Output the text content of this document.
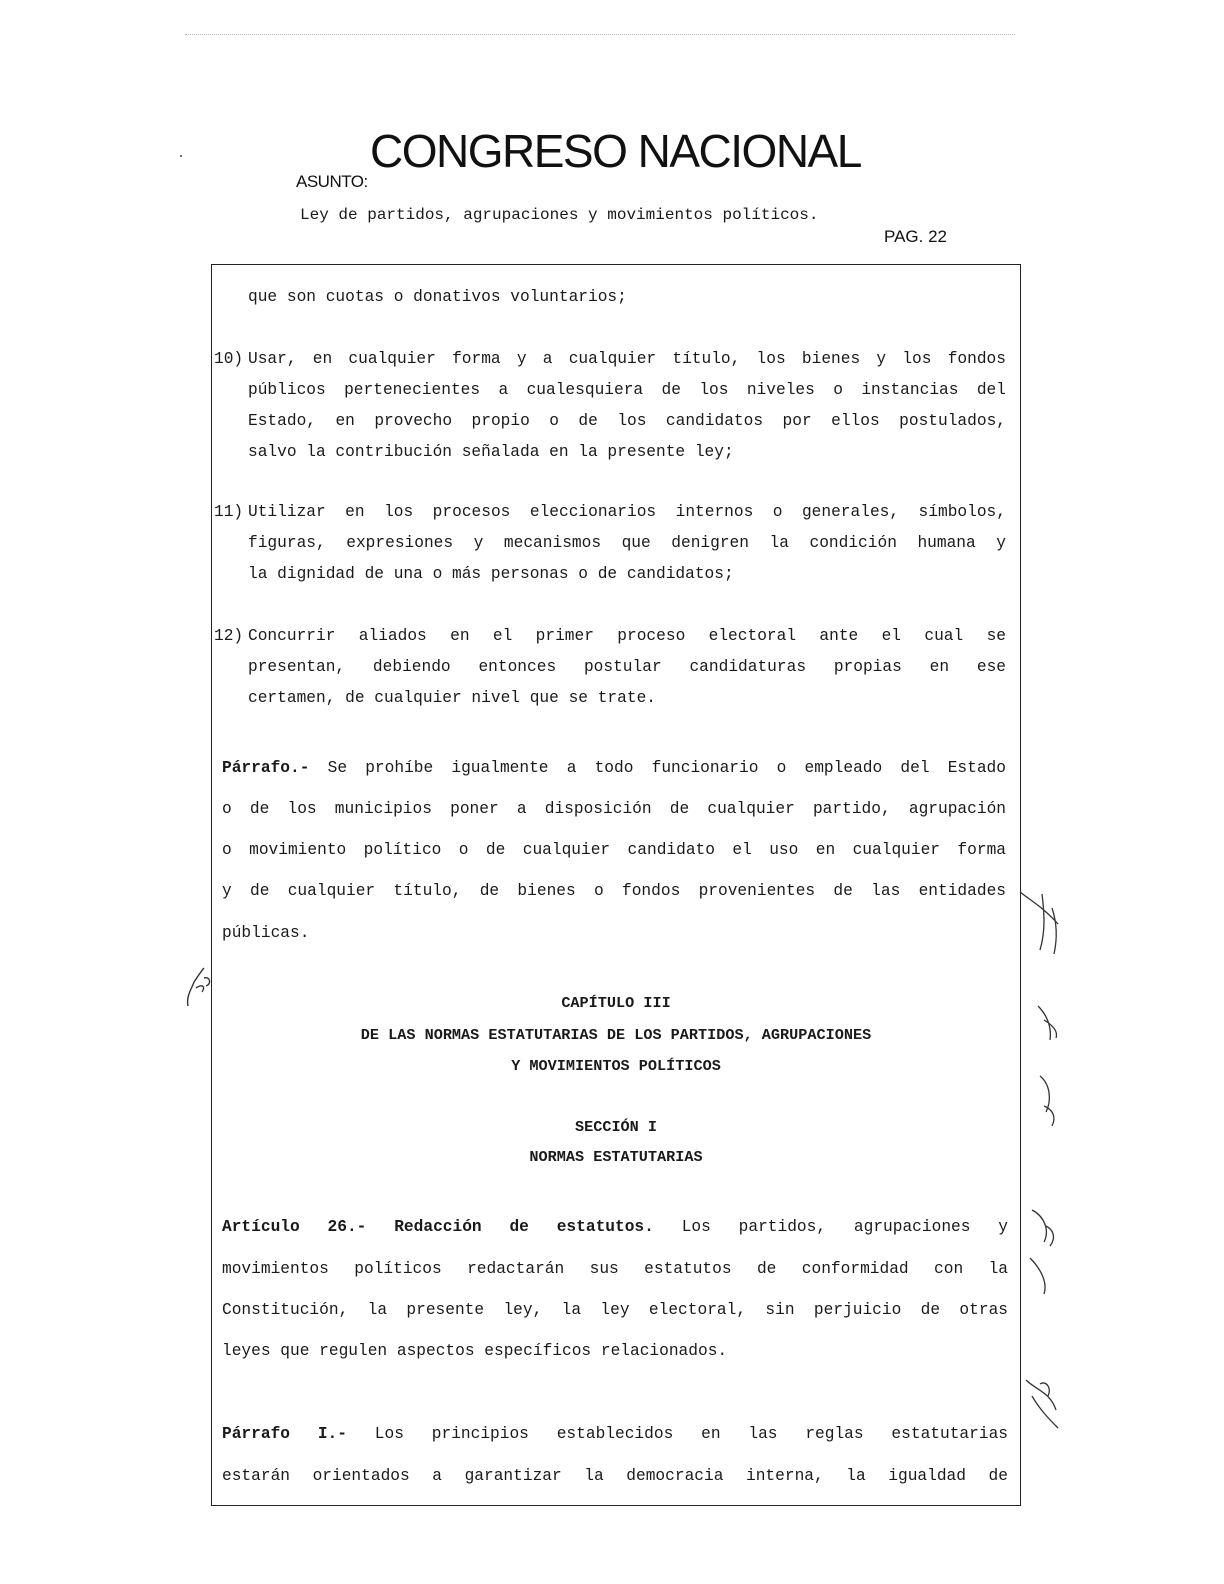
CONGRESO NACIONAL
ASUNTO:
Ley de partidos, agrupaciones y movimientos políticos.
PAG. 22
que son cuotas o donativos voluntarios;
10) Usar, en cualquier forma y a cualquier título, los bienes y los fondos
públicos pertenecientes a cualesquiera de los niveles o instancias del
Estado, en provecho propio o de los candidatos por ellos postulados,
salvo la contribución señalada en la presente ley;
11) Utilizar en los procesos eleccionarios internos o generales, símbolos,
figuras, expresiones y mecanismos que denigren la condición humana y
la dignidad de una o más personas o de candidatos;
12) Concurrir aliados en el primer proceso electoral ante el cual se
presentan, debiendo entonces postular candidaturas propias en ese
certamen, de cualquier nivel que se trate.
Párrafo.- Se prohíbe igualmente a todo funcionario o empleado del Estado
o de los municipios poner a disposición de cualquier partido, agrupación
o movimiento político o de cualquier candidato el uso en cualquier forma
y de cualquier título, de bienes o fondos provenientes de las entidades
públicas.
CAPÍTULO III
DE LAS NORMAS ESTATUTARIAS DE LOS PARTIDOS, AGRUPACIONES
Y MOVIMIENTOS POLÍTICOS
SECCIÓN I
NORMAS ESTATUTARIAS
Artículo 26.- Redacción de estatutos. Los partidos, agrupaciones y
movimientos políticos redactarán sus estatutos de conformidad con la
Constitución, la presente ley, la ley electoral, sin perjuicio de otras
leyes que regulen aspectos específicos relacionados.
Párrafo I.- Los principios establecidos en las reglas estatutarias
estarán orientados a garantizar la democracia interna, la igualdad de
